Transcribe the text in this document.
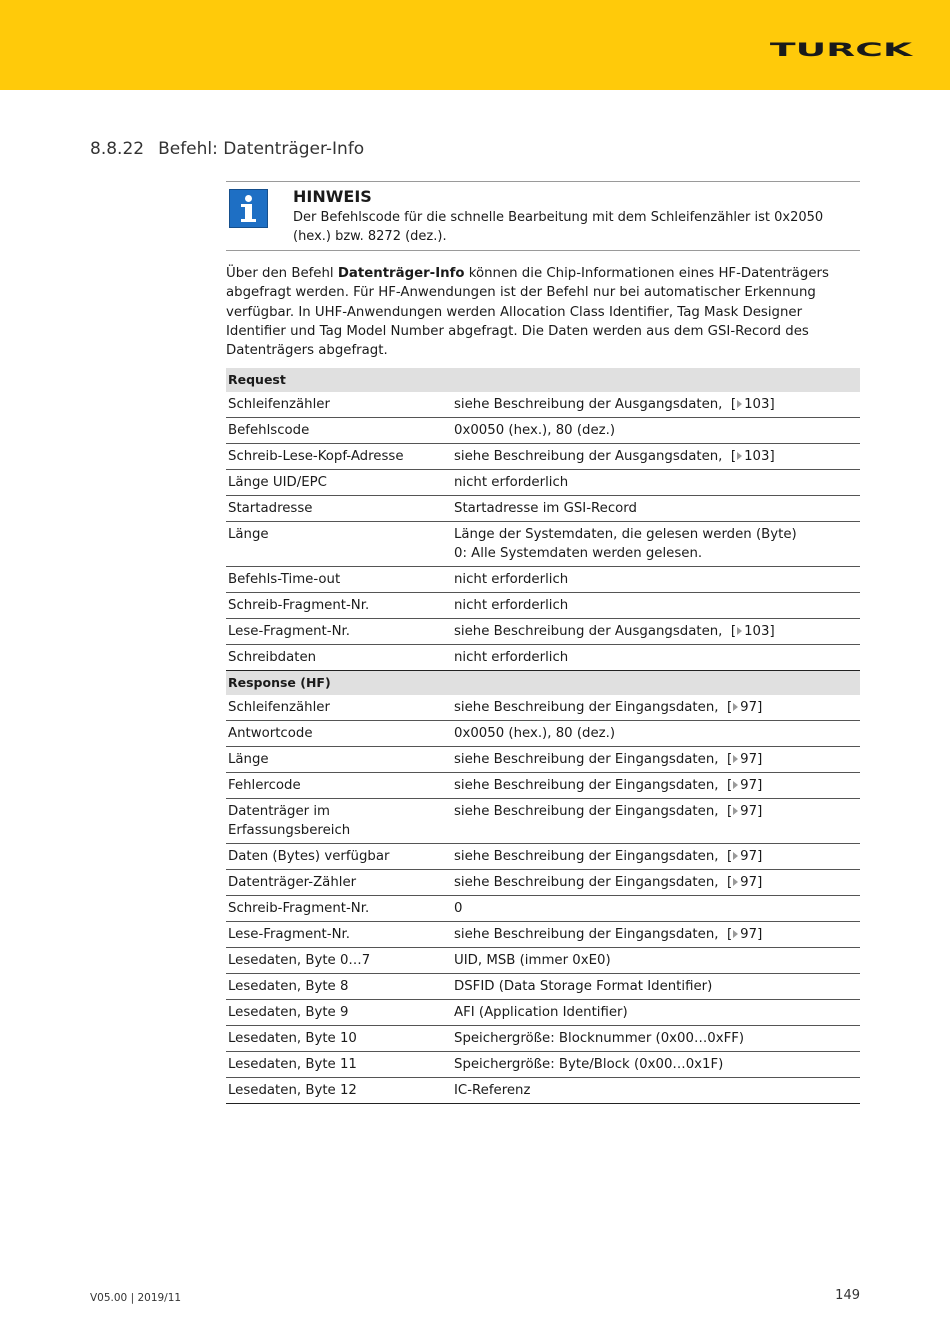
TURCK
8.8.22 Befehl: Datenträger-Info
HINWEIS
Der Befehlscode für die schnelle Bearbeitung mit dem Schleifenzähler ist 0x2050 (hex.) bzw. 8272 (dez.).

Über den Befehl Datenträger-Info können die Chip-Informationen eines HF-Datenträgers abgefragt werden. Für HF-Anwendungen ist der Befehl nur bei automatischer Erkennung verfügbar. In UHF-Anwendungen werden Allocation Class Identifier, Tag Mask Designer Identifier und Tag Model Number abgefragt. Die Daten werden aus dem GSI-Record des Datenträgers abgefragt.

Request	
Schleifenzähler	siehe Beschreibung der Ausgangsdaten,  [ 103]
Befehlscode	0x0050 (hex.), 80 (dez.)
Schreib-Lese-Kopf-Adresse	siehe Beschreibung der Ausgangsdaten,  [ 103]
Länge UID/EPC	nicht erforderlich
Startadresse	Startadresse im GSI-Record
Länge	Länge der Systemdaten, die gelesen werden (Byte)
0: Alle Systemdaten werden gelesen.
Befehls-Time-out	nicht erforderlich
Schreib-Fragment-Nr.	nicht erforderlich
Lese-Fragment-Nr.	siehe Beschreibung der Ausgangsdaten,  [ 103]
Schreibdaten	nicht erforderlich
Response (HF)	
Schleifenzähler	siehe Beschreibung der Eingangsdaten,  [ 97]
Antwortcode	0x0050 (hex.), 80 (dez.)
Länge	siehe Beschreibung der Eingangsdaten,  [ 97]
Fehlercode	siehe Beschreibung der Eingangsdaten,  [ 97]
Datenträger im
Erfassungsbereich	siehe Beschreibung der Eingangsdaten,  [ 97]
Daten (Bytes) verfügbar	siehe Beschreibung der Eingangsdaten,  [ 97]
Datenträger-Zähler	siehe Beschreibung der Eingangsdaten,  [ 97]
Schreib-Fragment-Nr.	0
Lese-Fragment-Nr.	siehe Beschreibung der Eingangsdaten,  [ 97]
Lesedaten, Byte 0…7	UID, MSB (immer 0xE0)
Lesedaten, Byte 8	DSFID (Data Storage Format Identifier)
Lesedaten, Byte 9	AFI (Application Identifier)
Lesedaten, Byte 10	Speichergröße: Blocknummer (0x00…0xFF)
Lesedaten, Byte 11	Speichergröße: Byte/Block (0x00…0x1F)
Lesedaten, Byte 12	IC-Referenz
V05.00 | 2019/11	149
